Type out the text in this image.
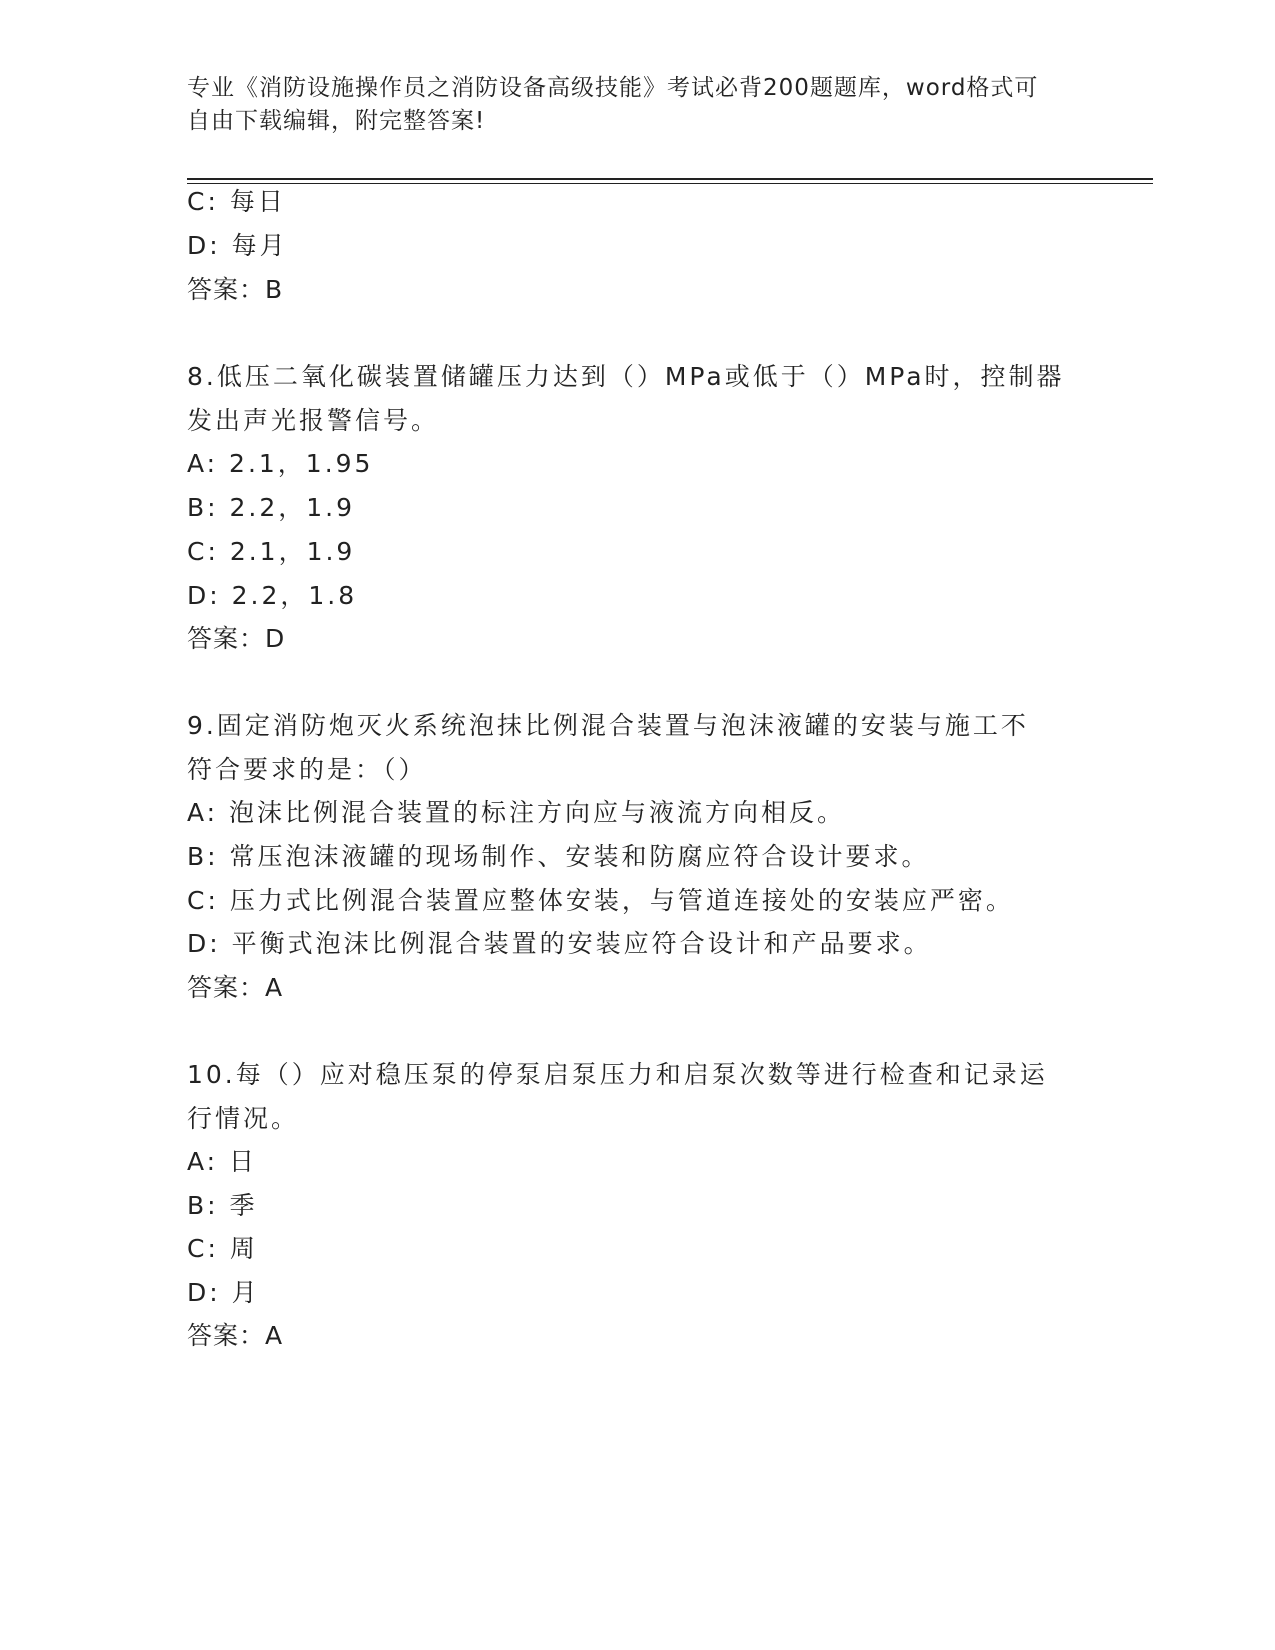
专业《消防设施操作员之消防设备高级技能》考试必背200题题库，word格式可
自由下载编辑，附完整答案!
C: 每日
D: 每月
答案：B
8.低压二氧化碳装置储罐压力达到（）MPa或低于（）MPa时，控制器
发出声光报警信号。
A: 2.1，1.95
B: 2.2，1.9
C: 2.1，1.9
D: 2.2，1.8
答案：D
9.固定消防炮灭火系统泡抹比例混合装置与泡沫液罐的安装与施工不
符合要求的是：（）
A: 泡沫比例混合装置的标注方向应与液流方向相反。
B: 常压泡沫液罐的现场制作、安装和防腐应符合设计要求。
C: 压力式比例混合装置应整体安装，与管道连接处的安装应严密。
D: 平衡式泡沫比例混合装置的安装应符合设计和产品要求。
答案：A
10.每（）应对稳压泵的停泵启泵压力和启泵次数等进行检查和记录运
行情况。
A: 日
B: 季
C: 周
D: 月
答案：A
